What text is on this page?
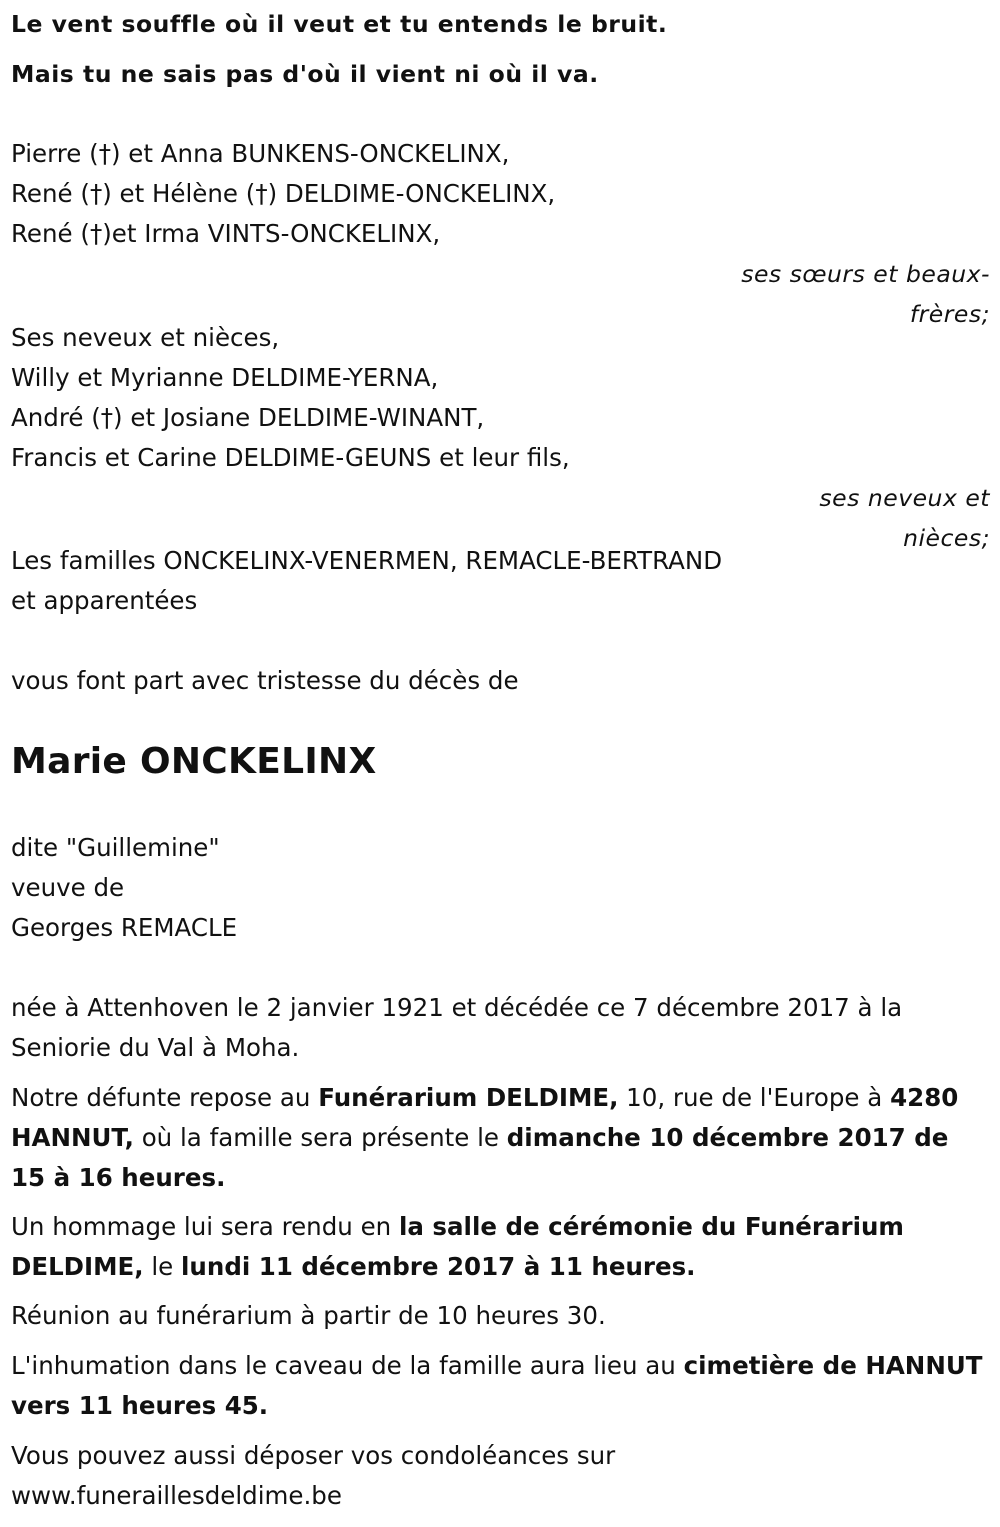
Le vent souffle où il veut et tu entends le bruit.
Mais tu ne sais pas d'où il vient ni où il va.
Pierre (†) et Anna BUNKENS-ONCKELINX,
René (†) et Hélène (†) DELDIME-ONCKELINX,
René (†)et Irma VINTS-ONCKELINX,
ses sœurs et beaux-
frères;
Ses neveux et nièces,
Willy et Myrianne DELDIME-YERNA,
André (†) et Josiane DELDIME-WINANT,
Francis et Carine DELDIME-GEUNS et leur fils,
ses neveux et
nièces;
Les familles ONCKELINX-VENERMEN, REMACLE-BERTRAND
et apparentées
vous font part avec tristesse du décès de
Marie ONCKELINX
dite "Guillemine"
veuve de
Georges REMACLE
née à Attenhoven le 2 janvier 1921 et décédée ce 7 décembre 2017 à la Seniorie du Val à Moha.
Notre défunte repose au Funérarium DELDIME, 10, rue de l'Europe à 4280 HANNUT, où la famille sera présente le dimanche 10 décembre 2017 de 15 à 16 heures.
Un hommage lui sera rendu en la salle de cérémonie du Funérarium DELDIME, le lundi 11 décembre 2017 à 11 heures.
Réunion au funérarium à partir de 10 heures 30.
L'inhumation dans le caveau de la famille aura lieu au cimetière de HANNUT vers 11 heures 45.
Vous pouvez aussi déposer vos condoléances sur
www.funeraillesdeldime.be
